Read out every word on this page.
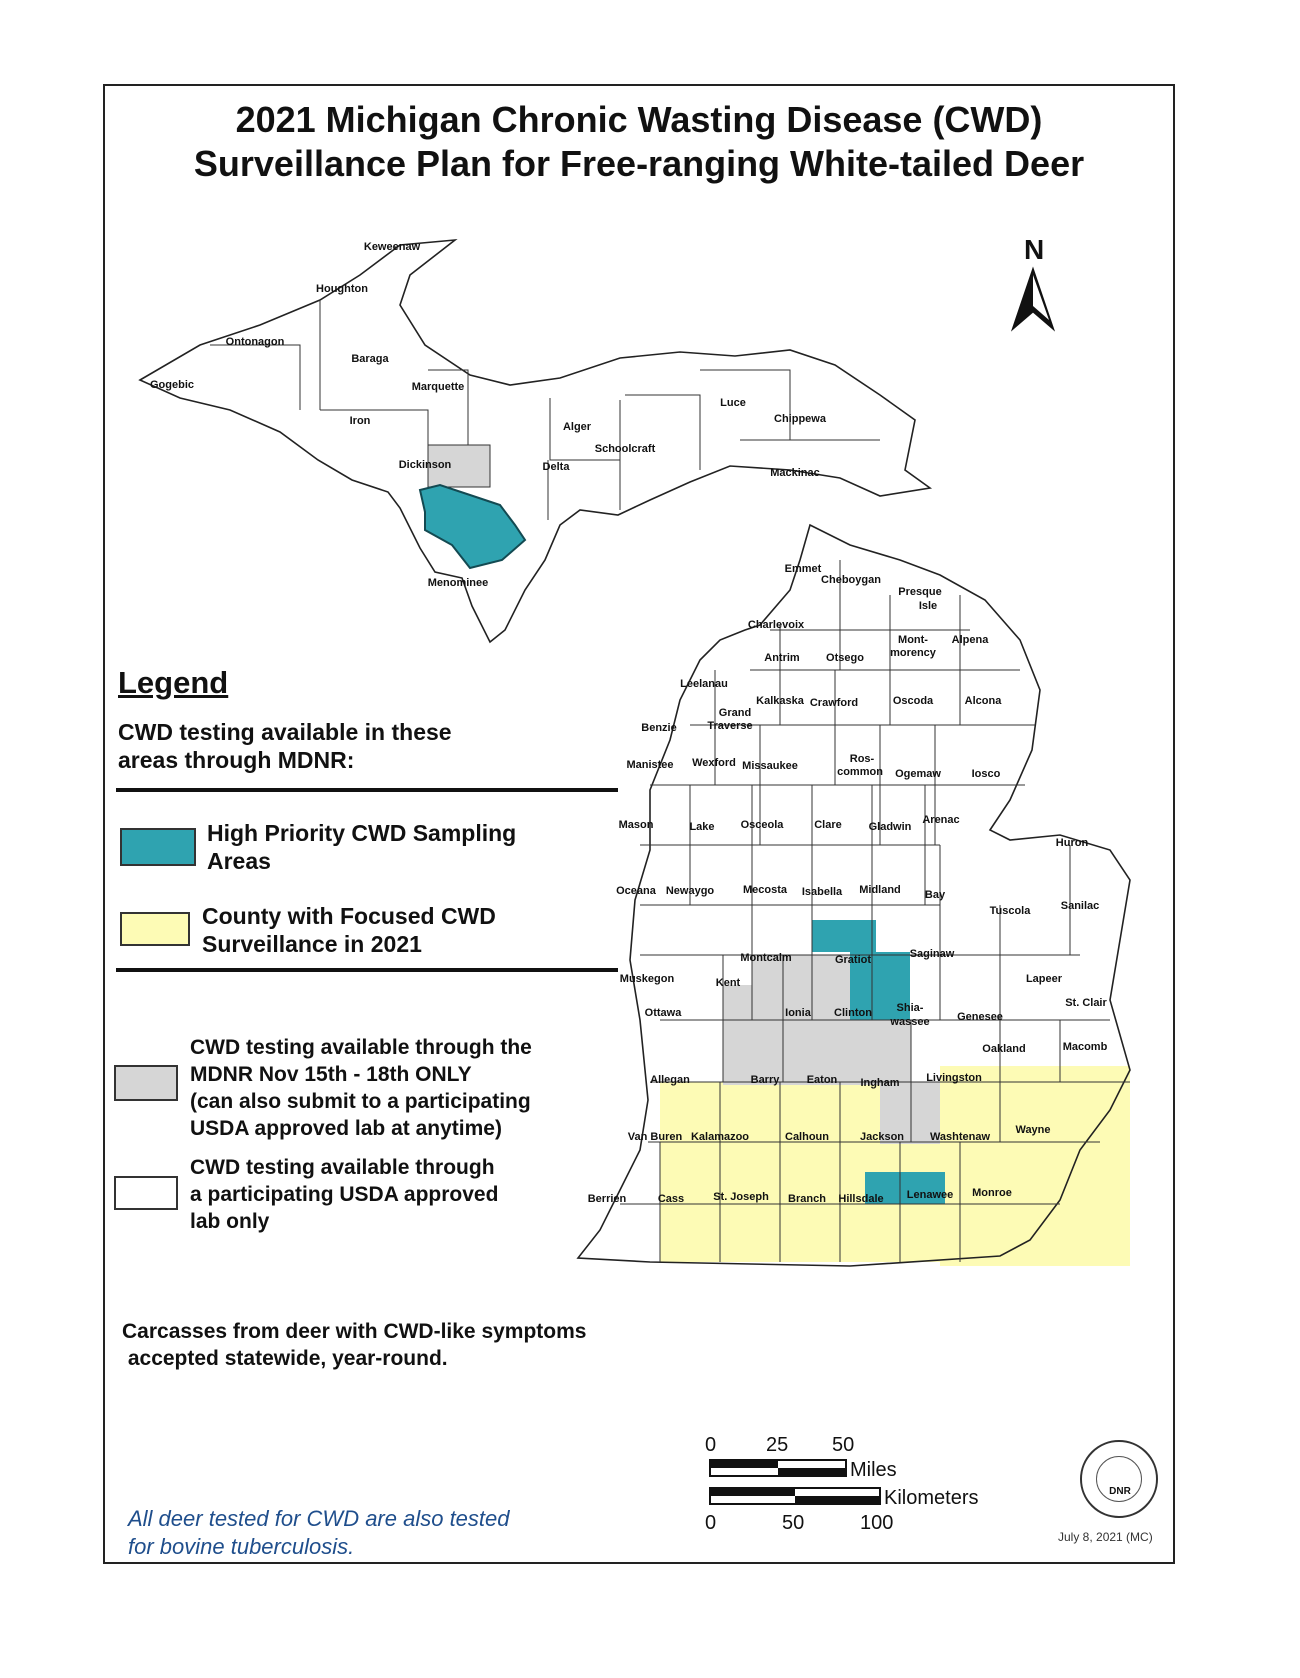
2021 Michigan Chronic Wasting Disease (CWD)
Surveillance Plan for Free-ranging White-tailed Deer
Keweenaw
Houghton
Ontonagon
Baraga
Gogebic	Marquette
Iron	Alger
Luce
Chippewa
Schoolcraft
Dickinson	Delta	Mackinac
Menominee
Emmet
Cheboygan
Presque
Isle
Charlevoix
Antrim Otsego
Mont-
morency
Alpena
Leelanau
Kalkaska Crawford	Oscoda	Alcona
Grand
Traverse
Benzie
Manistee Wexford Missaukee
Ros-
common Ogemaw	Iosco
Mason	Lake Osceola	Clare Gladwin
Arenac
Huron
Oceana Newaygo	Mecosta Isabella Midland Bay
Tuscola	Sanilac
Montcalm	Gratiot	Saginaw
Muskegon	Kent	Lapeer
St. Clair
Ottawa	Ionia Clinton Shia-
wassee Genesee
Oakland	Macomb
Allegan	Barry Eaton Ingham Livingston
Van Buren Kalamazoo	Calhoun	Jackson Washtenaw
Wayne
Berrien	Cass	St. Joseph Branch Hillsdale Lenawee Monroe
N
Legend

CWD testing available in these
areas through MDNR:

High Priority CWD Sampling
Areas

County with Focused CWD
Surveillance in 2021

CWD testing available through the
MDNR Nov 15th - 18th ONLY
(can also submit to a participating
USDA approved lab at anytime)

CWD testing available through
a participating USDA approved
lab only

Carcasses from deer with CWD-like symptoms
accepted statewide, year-round.

All deer tested for CWD are also tested
for bovine tuberculosis.

0 25 50
Miles
Kilometers
0	50	100
DNR
July 8, 2021 (MC)
